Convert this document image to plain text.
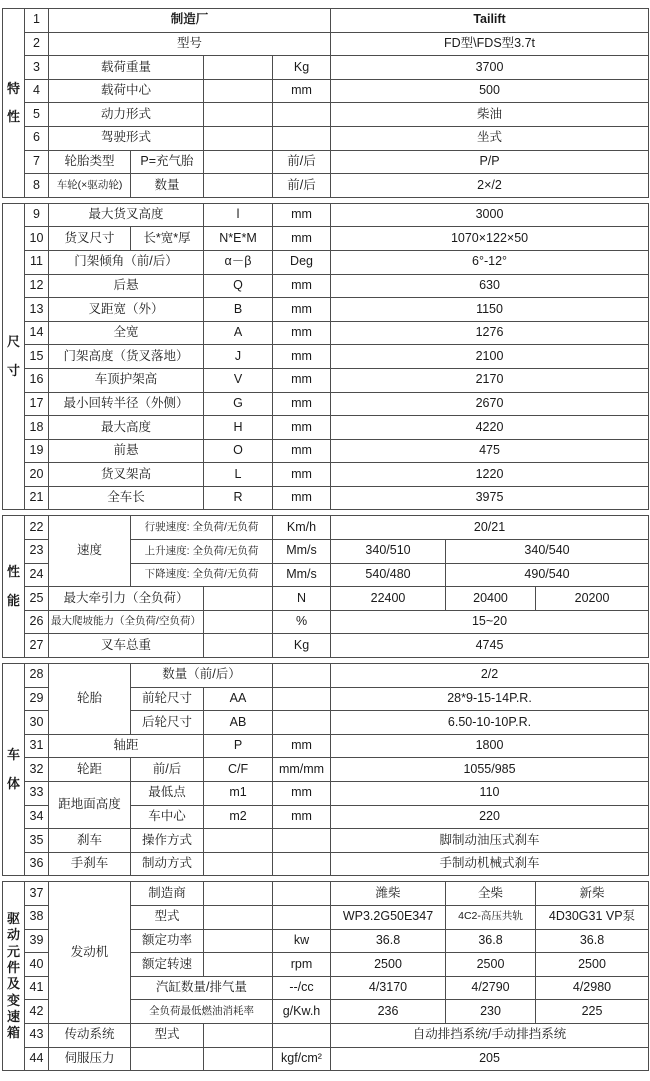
特
性	1	制造厂				Tailift
	2	型号				FD型\FDS型3.7t
	3	载荷重量			Kg	3700
	4	载荷中心			mm	500
	5	动力形式				柴油
	6	驾驶形式				坐式
	7	轮胎类型	P=充气胎		前/后	P/P
	8	车轮(×驱动轮)	数量		前/后	2×/2
尺
寸	9	最大货叉高度		l	mm	3000
	10	货叉尺寸	长*宽*厚	N*E*M	mm	1070×122×50
	11	门架倾角（前/后）		α－β	Deg	6°-12°
	12	后悬		Q	mm	630
	13	叉距宽（外）		B	mm	1150
	14	全宽		A	mm	1276
	15	门架高度（货叉落地）		J	mm	2100
	16	车顶护架高		V	mm	2170
	17	最小回转半径（外侧）		G	mm	2670
	18	最大高度		H	mm	4220
	19	前悬		O	mm	475
	20	货叉架高		L	mm	1220
	21	全车长		R	mm	3975
性
能	22	速度	行驶速度: 全负荷/无负荷		Km/h	20/21		
	23		上升速度: 全负荷/无负荷		Mm/s	340/510	340/540	
	24		下降速度: 全负荷/无负荷		Mm/s	540/480	490/540	
	25	最大牵引力（全负荷）			N	22400	20400	20200
	26	最大爬坡能力（全负荷/空负荷）			%	15~20		
	27	叉车总重			Kg	4745		
车
体	28	轮胎	数量（前/后）			2/2
	29		前轮尺寸	AA		28*9-15-14P.R.
	30		后轮尺寸	AB		6.50-10-10P.R.
	31	轴距		P	mm	1800
	32	轮距	前/后	C/F	mm/mm	1055/985
	33	距地面高度	最低点	m1	mm	110
	34		车中心	m2	mm	220
	35	刹车	操作方式			脚制动油压式刹车
	36	手刹车	制动方式			手制动机械式刹车
驱
动
元
件
及
变
速
箱
	37	发动机	制造商			潍柴	全柴	新柴
	38		型式			WP3.2G50E347	4C2-高压共轨	4D30G31 VP泵
	39		额定功率		kw	36.8	36.8	36.8
	40		额定转速		rpm	2500	2500	2500
	41		汽缸数量/排气量		--/cc	4/3170	4/2790	4/2980
	42		全负荷最低燃油消耗率		g/Kw.h	236	230	225
	43	传动系统	型式			自动排挡系统/手动排挡系统		
	44	伺服压力			kgf/cm²	205		
